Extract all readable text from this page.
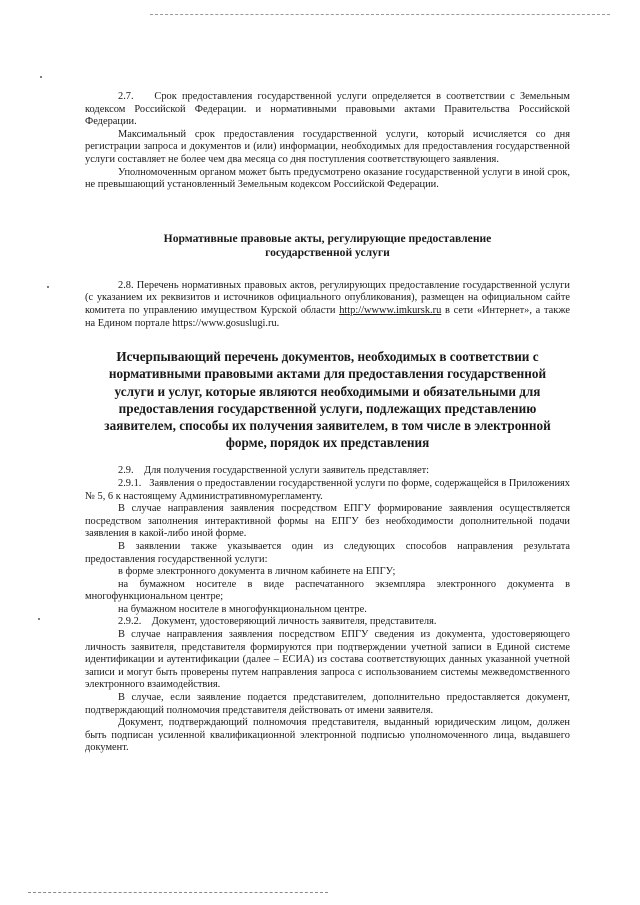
2.7.    Срок предоставления государственной услуги определяется в соответствии с Земельным кодексом Российской Федерации. и нормативными правовыми актами Правительства Российской Федерации.

Максимальный срок предоставления государственной услуги, который исчисляется со дня регистрации запроса и документов и (или) информации, необходимых для предоставления государственной услуги составляет не более чем два месяца со дня поступления соответствующего заявления.

Уполномоченным органом может быть предусмотрено оказание государственной услуги в иной срок, не превышающий установленный Земельным кодексом Российской Федерации.

Нормативные правовые акты, регулирующие предоставление

государственной услуги

2.8. Перечень нормативных правовых актов, регулирующих предоставление государственной услуги (с указанием их реквизитов и источников официального опубликования), размещен на официальном сайте комитета по управлению имуществом Курской области http://wwww.imkursk.ru в сети «Интернет», а также на Едином портале https://www.gosuslugi.ru.

Исчерпывающий перечень документов, необходимых в соответствии с

нормативными правовыми актами для предоставления государственной

услуги и услуг, которые являются необходимыми и обязательными для

предоставления государственной услуги, подлежащих представлению

заявителем, способы их получения заявителем, в том числе в электронной

форме, порядок их представления

2.9.    Для получения государственной услуги заявитель представляет:

2.9.1.   Заявления о предоставлении государственной услуги по форме, содержащейся в Приложениях № 5, 6 к настоящему Административномурегламенту.

В случае направления заявления посредством ЕПГУ формирование заявления осуществляется посредством заполнения интерактивной формы на ЕПГУ без необходимости дополнительной подачи заявления в какой-либо иной форме.

В заявлении также указывается один из следующих способов направления результата предоставления государственной услуги:

в форме электронного документа в личном кабинете на ЕПГУ;

на бумажном носителе в виде распечатанного экземпляра электронного документа в многофункциональном центре;

на бумажном носителе в многофункциональном центре.

2.9.2.    Документ, удостоверяющий личность заявителя, представителя.

В случае направления заявления посредством ЕПГУ сведения из документа, удостоверяющего личность заявителя, представителя формируются при подтверждении учетной записи в Единой системе идентификации и аутентификации (далее – ЕСИА) из состава соответствующих данных указанной учетной записи и могут быть проверены путем направления запроса с использованием системы межведомственного электронного взаимодействия.

В случае, если заявление подается представителем, дополнительно предоставляется документ, подтверждающий полномочия представителя действовать от имени заявителя.

Документ, подтверждающий полномочия представителя, выданный юридическим лицом, должен быть подписан усиленной квалификационной электронной подписью уполномоченного лица, выдавшего документ.
